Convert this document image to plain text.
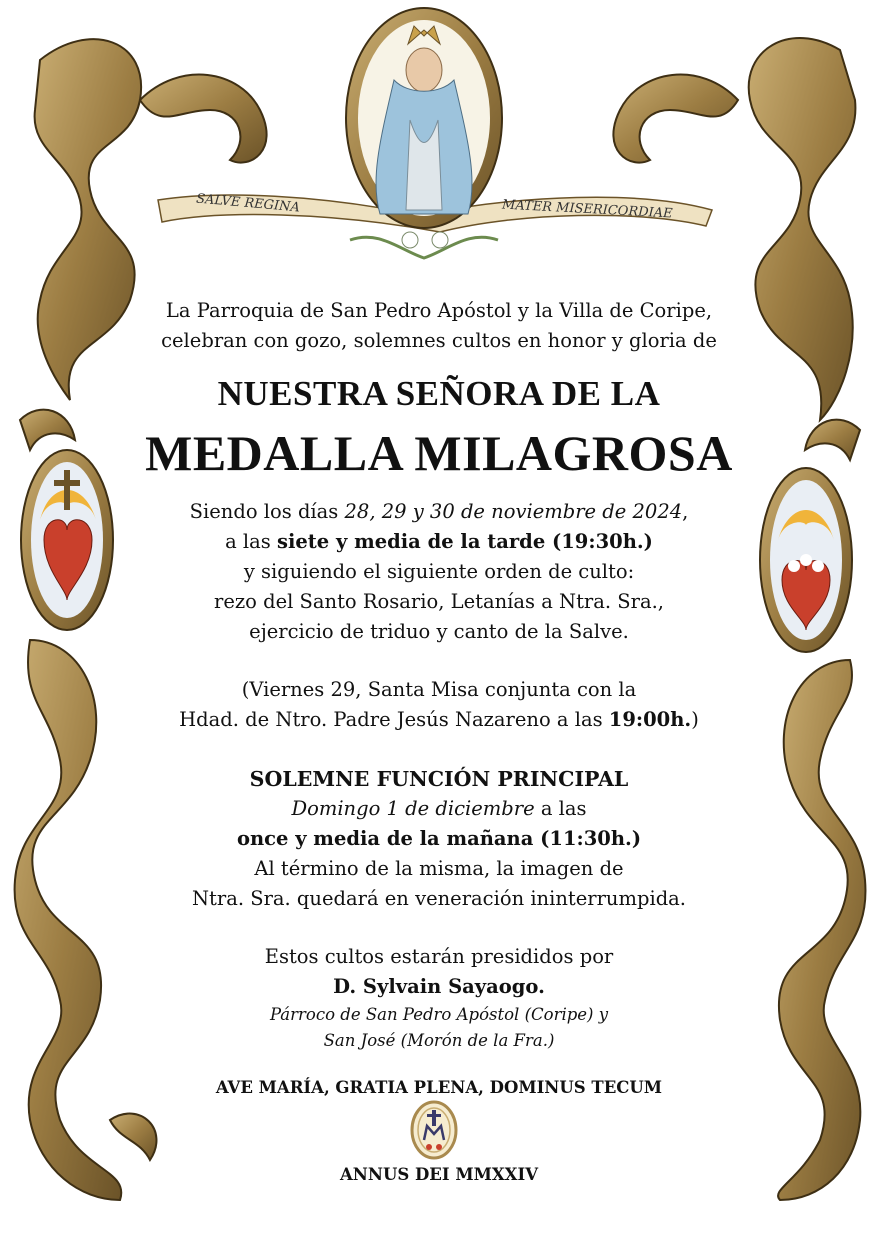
SALVE REGINA	MATER MISERICORDIAE
La Parroquia de San Pedro Apóstol y la Villa de Coripe,
celebran con gozo, solemnes cultos en honor y gloria de
NUESTRA SEÑORA DE LA
MEDALLA MILAGROSA
Siendo los días 28, 29 y 30 de noviembre de 2024,
a las siete y media de la tarde (19:30h.)
y siguiendo el siguiente orden de culto:
rezo del Santo Rosario, Letanías a Ntra. Sra.,
ejercicio de triduo y canto de la Salve.
(Viernes 29, Santa Misa conjunta con la
Hdad. de Ntro. Padre Jesús Nazareno a las 19:00h.)
SOLEMNE FUNCIÓN PRINCIPAL
Domingo 1 de diciembre a las
once y media de la mañana (11:30h.)
Al término de la misma, la imagen de
Ntra. Sra. quedará en veneración ininterrumpida.
Estos cultos estarán presididos por
D. Sylvain Sayaogo.
Párroco de San Pedro Apóstol (Coripe) y
San José (Morón de la Fra.)
AVE MARÍA, GRATIA PLENA, DOMINUS TECUM
ANNUS DEI MMXXIV
